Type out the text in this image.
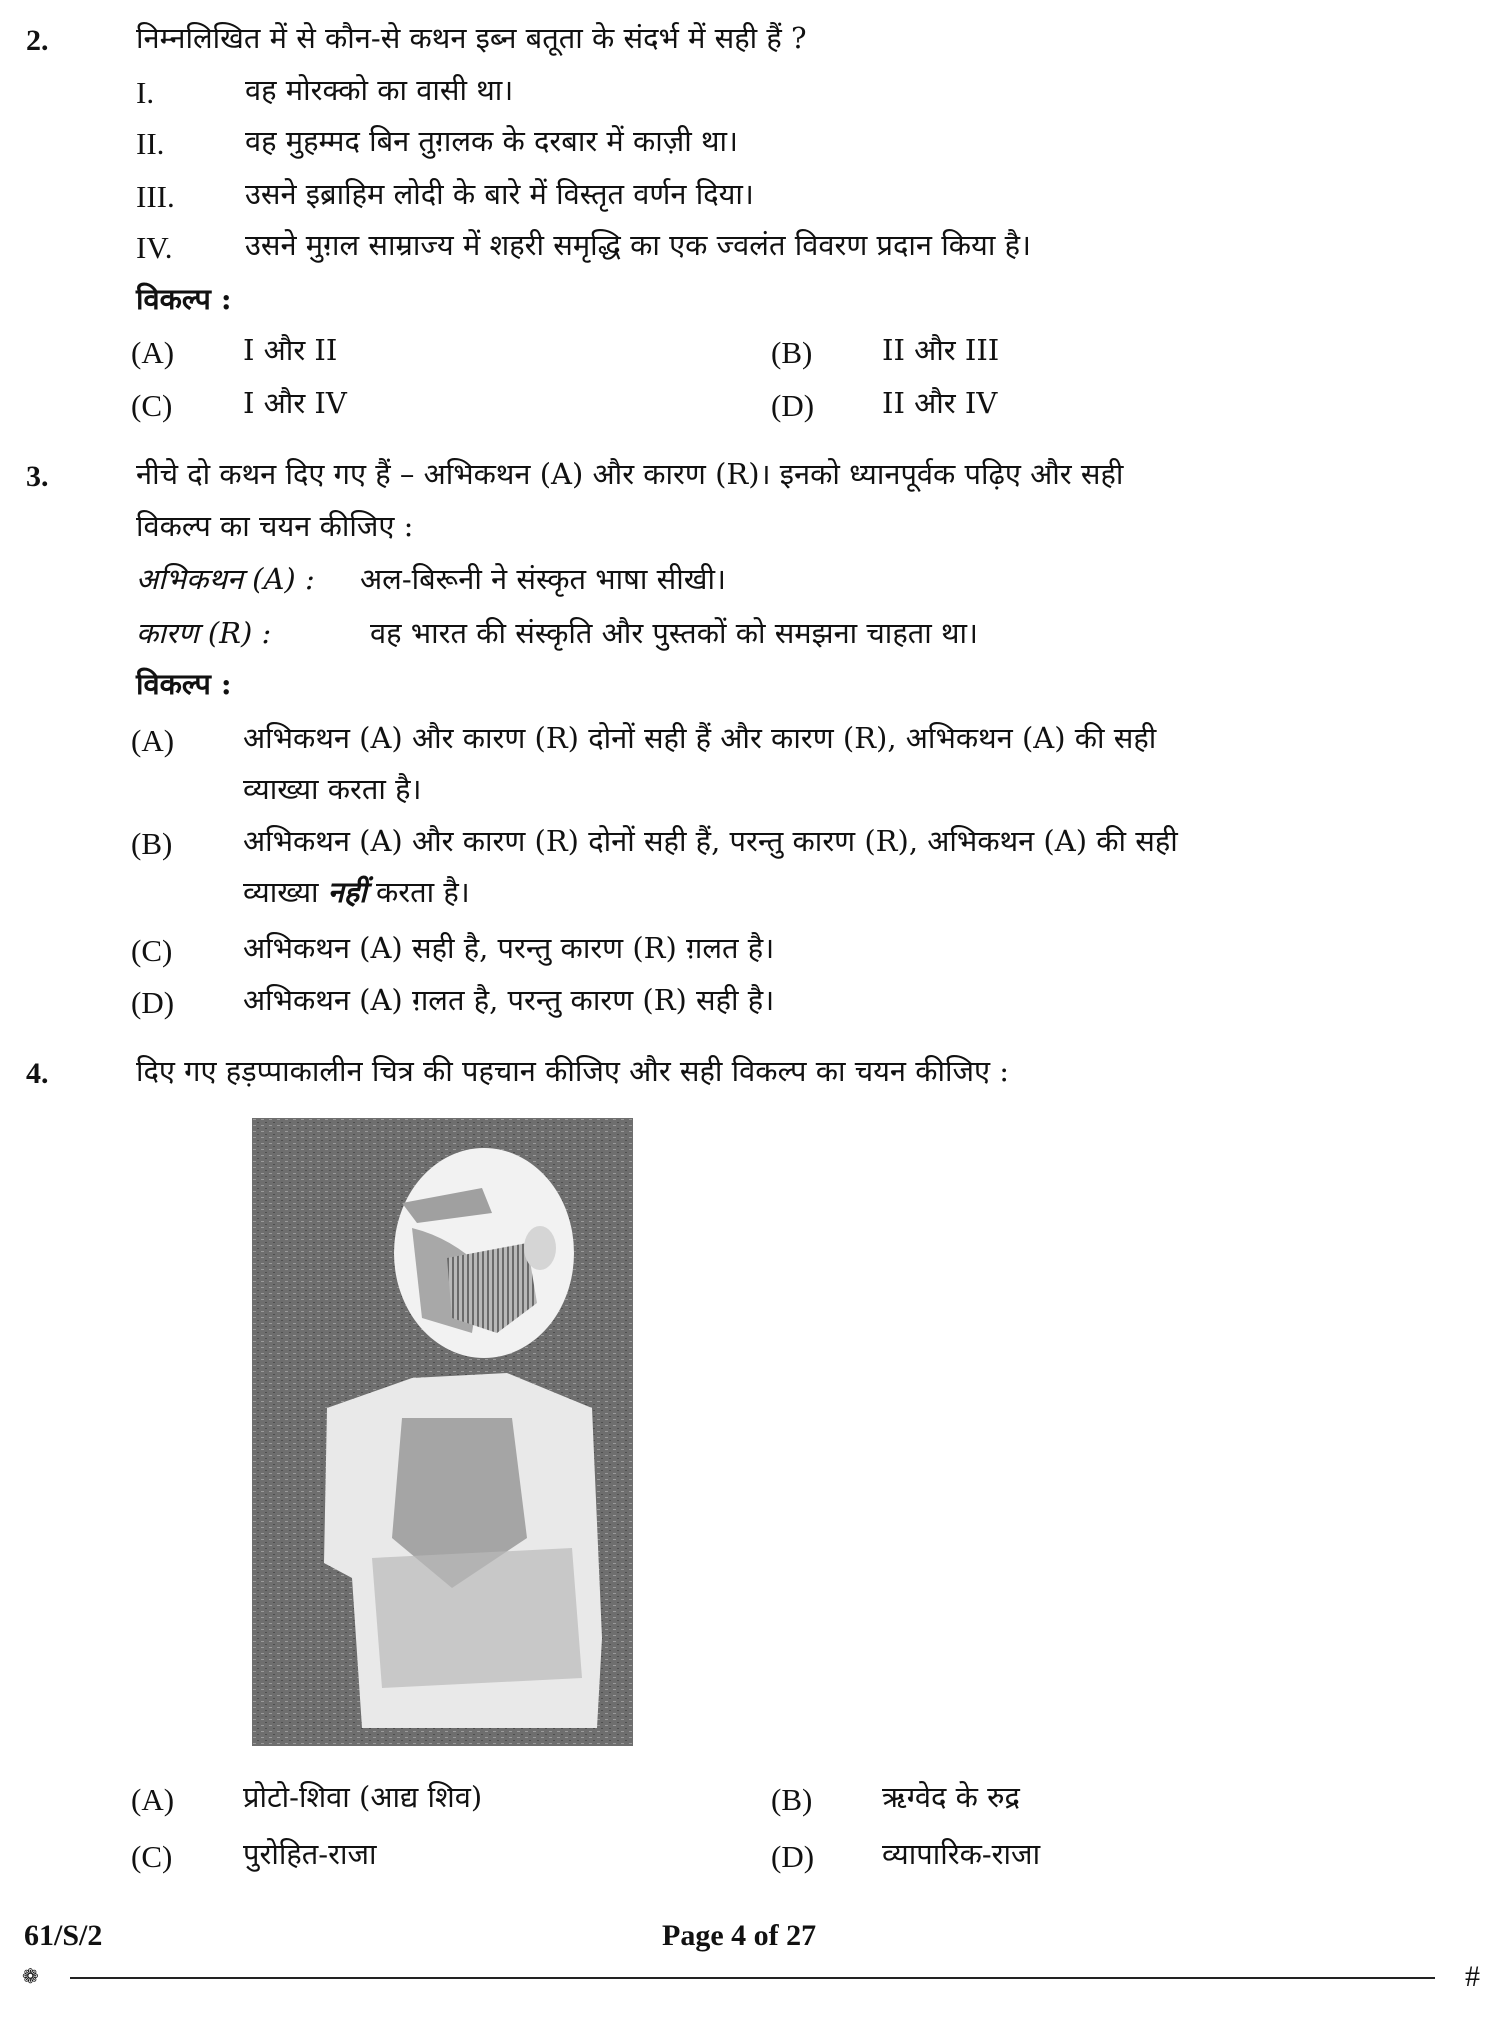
2.	निम्नलिखित में से कौन-से कथन इब्न बतूता के संदर्भ में सही हैं ?
I.	वह मोरक्को का वासी था।
II.	वह मुहम्मद बिन तुग़लक के दरबार में काज़ी था।
III. उसने इब्राहिम लोदी के बारे में विस्तृत वर्णन दिया।
IV.	उसने मुग़ल साम्राज्य में शहरी समृद्धि का एक ज्वलंत विवरण प्रदान किया है।
विकल्प :
(A) I और II	(B) II और III
(C) I और IV	(D) II और IV
3.	नीचे दो कथन दिए गए हैं – अभिकथन (A) और कारण (R)। इनको ध्यानपूर्वक पढ़िए और सही
विकल्प का चयन कीजिए :
अभिकथन (A) : अल-बिरूनी ने संस्कृत भाषा सीखी।
कारण (R) :	वह भारत की संस्कृति और पुस्तकों को समझना चाहता था।
विकल्प :
(A) अभिकथन (A) और कारण (R) दोनों सही हैं और कारण (R), अभिकथन (A) की सही
व्याख्या करता है।
(B) अभिकथन (A) और कारण (R) दोनों सही हैं, परन्तु कारण (R), अभिकथन (A) की सही
व्याख्या नहीं करता है।
(C) अभिकथन (A) सही है, परन्तु कारण (R) ग़लत है।
(D) अभिकथन (A) ग़लत है, परन्तु कारण (R) सही है।
4.	दिए गए हड़प्पाकालीन चित्र की पहचान कीजिए और सही विकल्प का चयन कीजिए :
(A) प्रोटो-शिवा (आद्य शिव)	(B) ऋग्वेद के रुद्र
(C) पुरोहित-राजा	(D) व्यापारिक-राजा
61/S/2	Page 4 of 27
❁	#
